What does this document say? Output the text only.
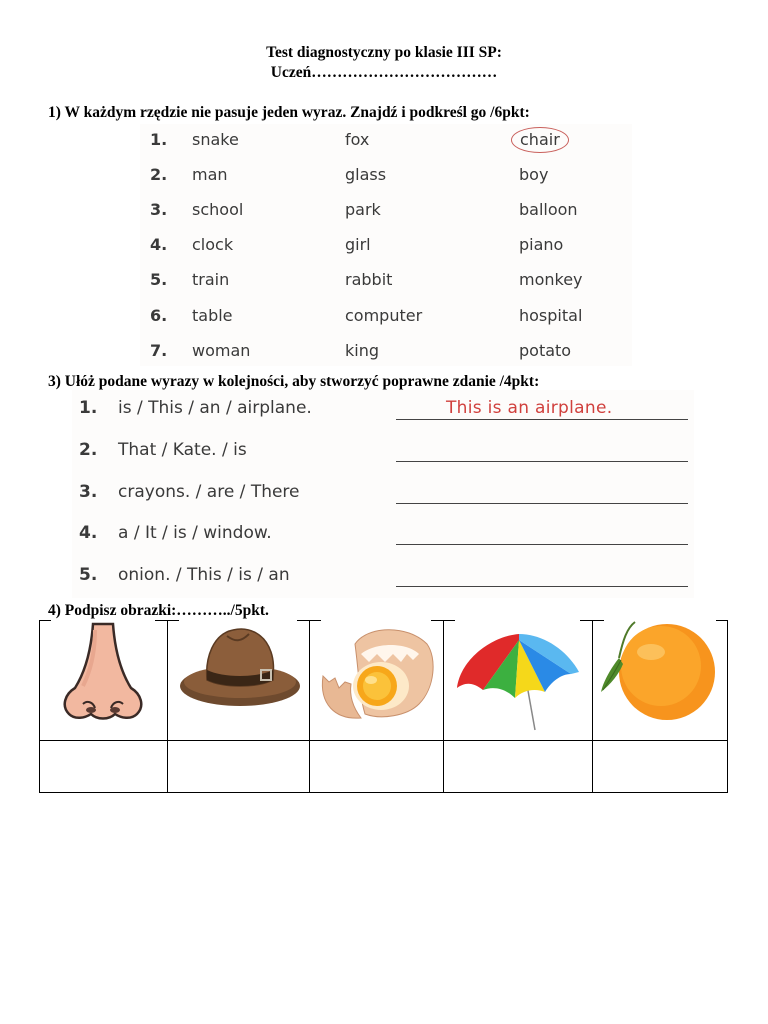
Test diagnostyczny po klasie III SP:
Uczeń………………………………
1) W każdym rzędzie nie pasuje jeden wyraz. Znajdź i podkreśl go /6pkt:
1. snake	fox	chair
2. man	glass	boy
3. school	park	balloon
4. clock	girl	piano
5. train	rabbit	monkey
6. table	computer	hospital
7. woman	king	potato
3) Ułóż podane wyrazy w kolejności, aby stworzyć poprawne zdanie /4pkt:
1. is / This / an / airplane.	This is an airplane.
2. That / Kate. / is
3. crayons. / are / There
4. a / It / is / window.
5. onion. / This / is / an
4) Podpisz obrazki:………../5pkt.
